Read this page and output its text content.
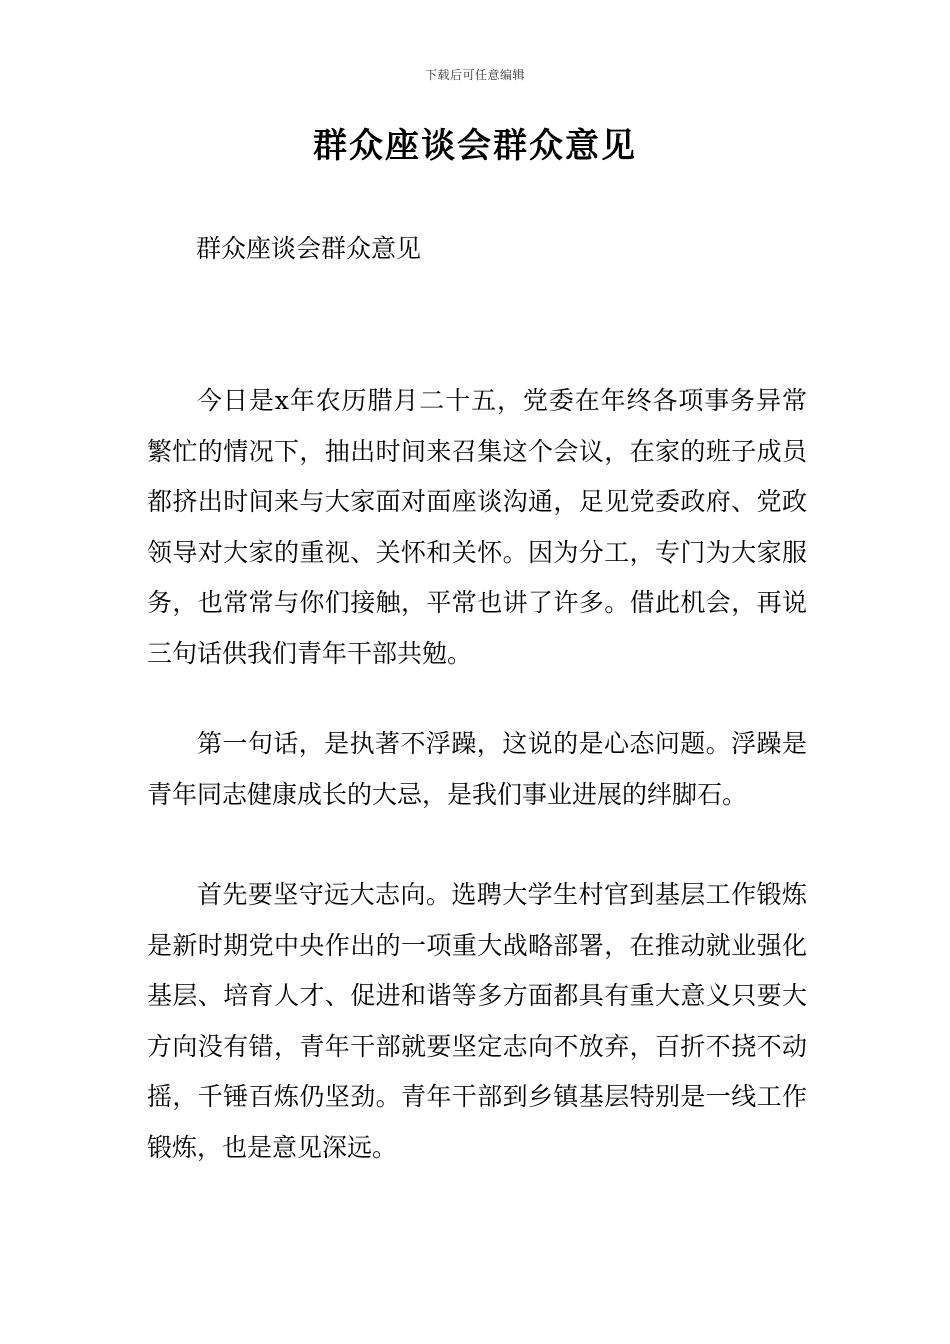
下载后可任意编辑
群众座谈会群众意见

群众座谈会群众意见

今日是x年农历腊月二十五，党委在年终各项事务异常繁忙的情况下，抽出时间来召集这个会议，在家的班子成员都挤出时间来与大家面对面座谈沟通，足见党委政府、党政领导对大家的重视、关怀和关怀。因为分工，专门为大家服务，也常常与你们接触，平常也讲了许多。借此机会，再说三句话供我们青年干部共勉。

第一句话，是执著不浮躁，这说的是心态问题。浮躁是青年同志健康成长的大忌，是我们事业进展的绊脚石。

首先要坚守远大志向。选聘大学生村官到基层工作锻炼是新时期党中央作出的一项重大战略部署，在推动就业强化基层、培育人才、促进和谐等多方面都具有重大意义只要大方向没有错，青年干部就要坚定志向不放弃，百折不挠不动摇，千锤百炼仍坚劲。青年干部到乡镇基层特别是一线工作锻炼，也是意见深远。
